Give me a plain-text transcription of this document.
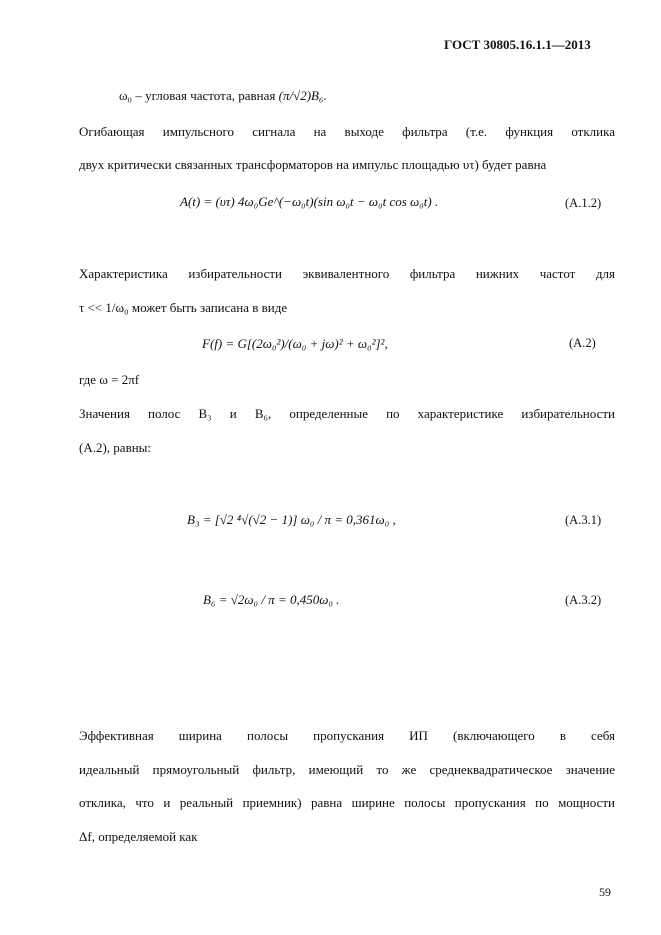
ГОСТ 30805.16.1.1—2013
ω₀ – угловая частота, равная (π/√2)B₆.
Огибающая импульсного сигнала на выходе фильтра (т.е. функция отклика
двух критически связанных трансформаторов на импульс площадью υτ) будет равна
A(t) = (υτ) 4ω₀Ge^(−ω₀t)(sin ω₀t − ω₀t cos ω₀t) .	(А.1.2)
Характеристика избирательности эквивалентного фильтра нижних частот для
τ << 1/ω₀ может быть записана в виде
F(f) = G[(2ω₀²)/(ω₀ + jω)² + ω₀²]²,	(А.2)
где ω = 2πf
Значения полос B₃ и B₆, определенные по характеристике избирательности
(А.2), равны:
B₃ = [√2 ⁴√(√2 − 1)] ω₀ / π = 0,361ω₀ ,	(А.3.1)
B₆ = √2ω₀ / π = 0,450ω₀ .	(А.3.2)
Эффективная ширина полосы пропускания ИП (включающего в себя
идеальный прямоугольный фильтр, имеющий то же среднеквадратическое значение
отклика, что и реальный приемник) равна ширине полосы пропускания по мощности
Δf, определяемой как
59
